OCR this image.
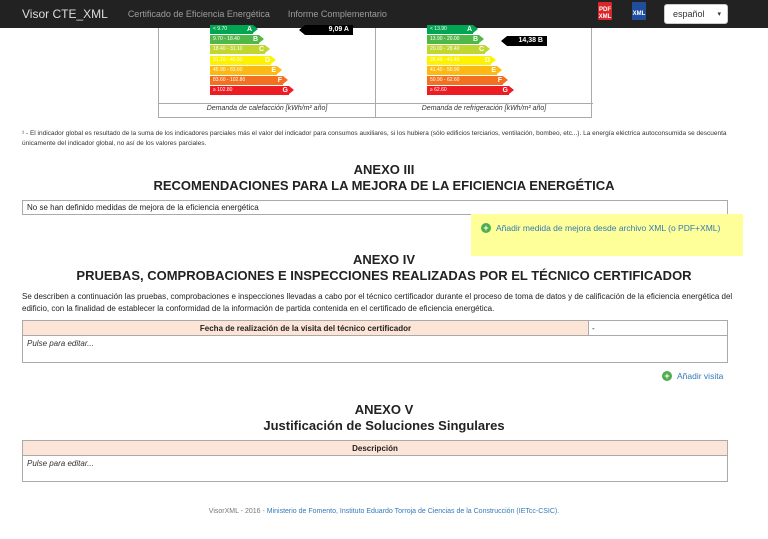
Visor CTE_XML Certificado de Eficiencia Energética Informe Complementario	PDF
XML	XML	español ▾
< 9.70	A
9.70 - 18.40 B
18.40 - 31.10 C
31.10 - 45.90	D
45.90 - 83.60	E
83.60 - 102.80	F
≥ 102.80	G
9,09 A
Demanda de calefacción [kWh/m² año]
< 13.90	A
13.90 - 20.00 B
20.00 - 28.40	C
28.40 - 41.40	D
41.40 - 50.90	E
50.90 - 62.60	F
≥ 62.60	G
14,38 B
Demanda de refrigeración [kWh/m² año]
¹ - El indicador global es resultado de la suma de los indicadores parciales más el valor del indicador para consumos auxiliares, si los hubiera (sólo edificios terciarios, ventilación, bombeo, etc...). La energía eléctrica autoconsumida se descuenta únicamente del indicador global, no así de los valores parciales.
ANEXO III
RECOMENDACIONES PARA LA MEJORA DE LA EFICIENCIA ENERGÉTICA
No se han definido medidas de mejora de la eficiencia energética
+ Añadir medida de mejora desde archivo XML (o PDF+XML)
ANEXO IV
PRUEBAS, COMPROBACIONES E INSPECCIONES REALIZADAS POR EL TÉCNICO CERTIFICADOR
Se describen a continuación las pruebas, comprobaciones e inspecciones llevadas a cabo por el técnico certificador durante el proceso de toma de datos y de calificación de la eficiencia energética del edificio, con la finalidad de establecer la conformidad de la información de partida contenida en el certificado de eficiencia energética.
Fecha de realización de la visita del técnico certificador	-
Pulse para editar...
+ Añadir visita
ANEXO V
Justificación de Soluciones Singulares
Descripción
Pulse para editar...
VisorXML - 2016 - Ministerio de Fomento, Instituto Eduardo Torroja de Ciencias de la Construcción (IETcc-CSIC).
